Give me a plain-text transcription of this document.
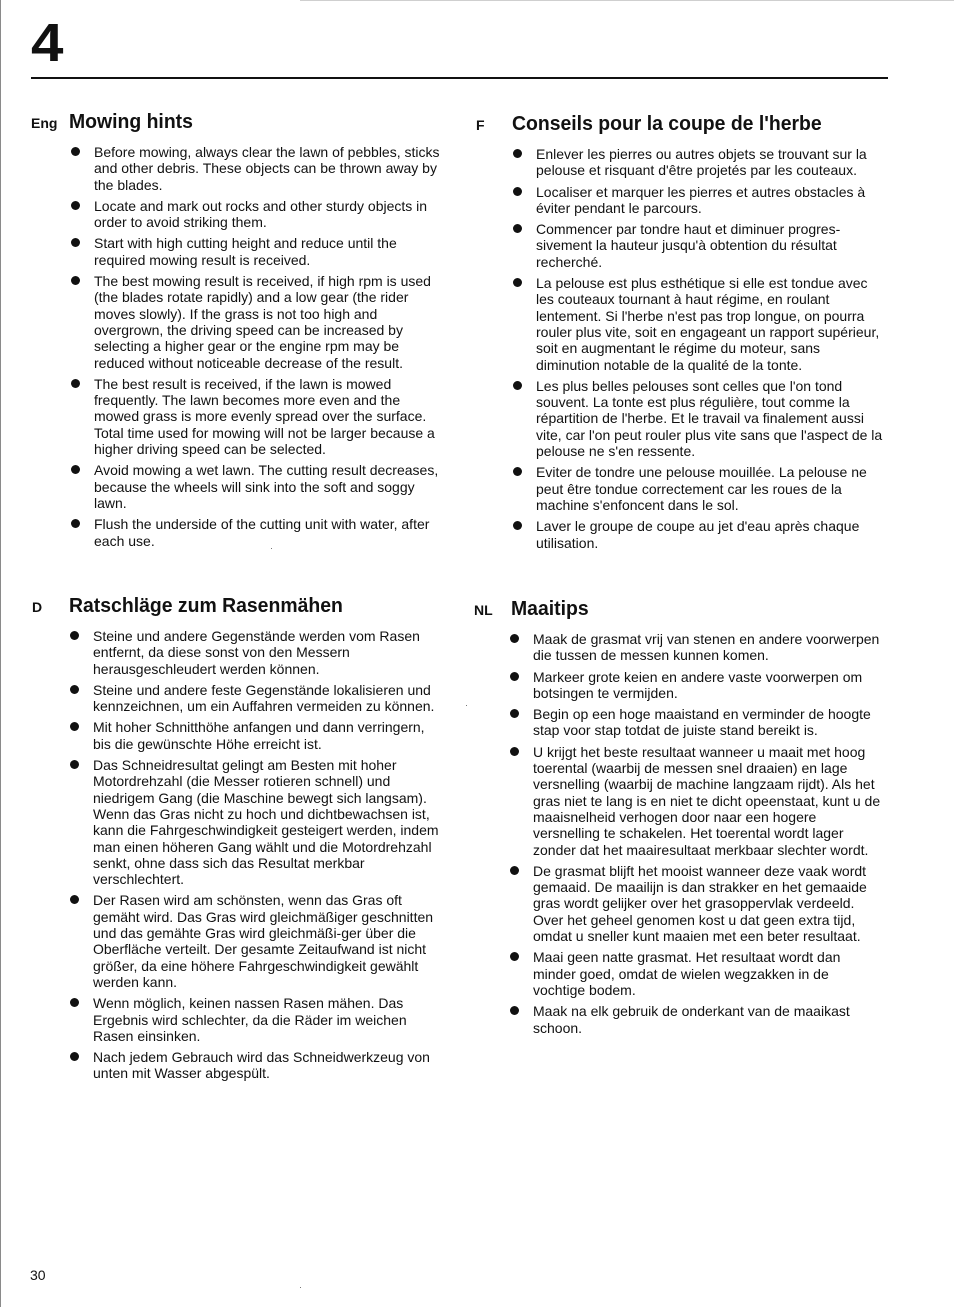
4
Eng Mowing hints
Before mowing, always clear the lawn of pebbles, sticks and other debris. These objects can be thrown away by the blades.
Locate and mark out rocks and other sturdy objects in order to avoid striking them.
Start with high cutting height and reduce until the required mowing result is received.
The best mowing result is received, if high rpm is used (the blades rotate rapidly) and a low gear (the rider moves slowly). If the grass is not too high and overgrown, the driving speed can be increased by selecting a higher gear or the engine rpm may be reduced without noticeable decrease of the result.
The best result is received, if the lawn is mowed frequently. The lawn becomes more even and the mowed grass is more evenly spread over the surface. Total time used for mowing will not be larger because a higher driving speed can be selected.
Avoid mowing a wet lawn. The cutting result decreases, because the wheels will sink into the soft and soggy lawn.
Flush the underside of the cutting unit with water, after each use.
F Conseils pour la coupe de l'herbe
Enlever les pierres ou autres objets se trouvant sur la pelouse et risquant d'être projetés par les couteaux.
Localiser et marquer les pierres et autres obstacles à éviter pendant le parcours.
Commencer par tondre haut et diminuer progres-sivement la hauteur jusqu'à obtention du résultat recherché.
La pelouse est plus esthétique si elle est tondue avec les couteaux tournant à haut régime, en roulant lentement. Si l'herbe n'est pas trop longue, on pourra rouler plus vite, soit en engageant un rapport supérieur, soit en augmentant le régime du moteur, sans diminution notable de la qualité de la tonte.
Les plus belles pelouses sont celles que l'on tond souvent. La tonte est plus régulière, tout comme la répartition de l'herbe. Et le travail va finalement aussi vite, car l'on peut rouler plus vite sans que l'aspect de la pelouse ne s'en ressente.
Eviter de tondre une pelouse mouillée. La pelouse ne peut être tondue correctement car les roues de la machine s'enfoncent dans le sol.
Laver le groupe de coupe au jet d'eau après chaque utilisation.
D Ratschläge zum Rasenmähen
Steine und andere Gegenstände werden vom Rasen entfernt, da diese sonst von den Messern herausgeschleudert werden können.
Steine und andere feste Gegenstände lokalisieren und kennzeichnen, um ein Auffahren vermeiden zu können.
Mit hoher Schnitthöhe anfangen und dann verringern, bis die gewünschte Höhe erreicht ist.
Das Schneidresultat gelingt am Besten mit hoher Motordrehzahl (die Messer rotieren schnell) und niedrigem Gang (die Maschine bewegt sich langsam). Wenn das Gras nicht zu hoch und dichtbewachsen ist, kann die Fahrgeschwindigkeit gesteigert werden, indem man einen höheren Gang wählt und die Motordrehzahl senkt, ohne dass sich das Resultat merkbar verschlechtert.
Der Rasen wird am schönsten, wenn das Gras oft gemäht wird. Das Gras wird gleichmäßiger geschnitten und das gemähte Gras wird gleichmäßi-ger über die Oberfläche verteilt. Der gesamte Zeitaufwand ist nicht größer, da eine höhere Fahrgeschwindigkeit gewählt werden kann.
Wenn möglich, keinen nassen Rasen mähen. Das Ergebnis wird schlechter, da die Räder im weichen Rasen einsinken.
Nach jedem Gebrauch wird das Schneidwerkzeug von unten mit Wasser abgespült.
NL Maaitips
Maak de grasmat vrij van stenen en andere voorwerpen die tussen de messen kunnen komen.
Markeer grote keien en andere vaste voorwerpen om botsingen te vermijden.
Begin op een hoge maaistand en verminder de hoogte stap voor stap totdat de juiste stand bereikt is.
U krijgt het beste resultaat wanneer u maait met hoog toerental (waarbij de messen snel draaien) en lage versnelling (waarbij de machine langzaam rijdt). Als het gras niet te lang is en niet te dicht opeenstaat, kunt u de maaisnelheid verhogen door naar een hogere versnelling te schakelen. Het toerental wordt lager zonder dat het maairesultaat merkbaar slechter wordt.
De grasmat blijft het mooist wanneer deze vaak wordt gemaaid. De maailijn is dan strakker en het gemaaide gras wordt gelijker over het grasoppervlak verdeeld. Over het geheel genomen kost u dat geen extra tijd, omdat u sneller kunt maaien met een beter resultaat.
Maai geen natte grasmat. Het resultaat wordt dan minder goed, omdat de wielen wegzakken in de vochtige bodem.
Maak na elk gebruik de onderkant van de maaikast schoon.
30
